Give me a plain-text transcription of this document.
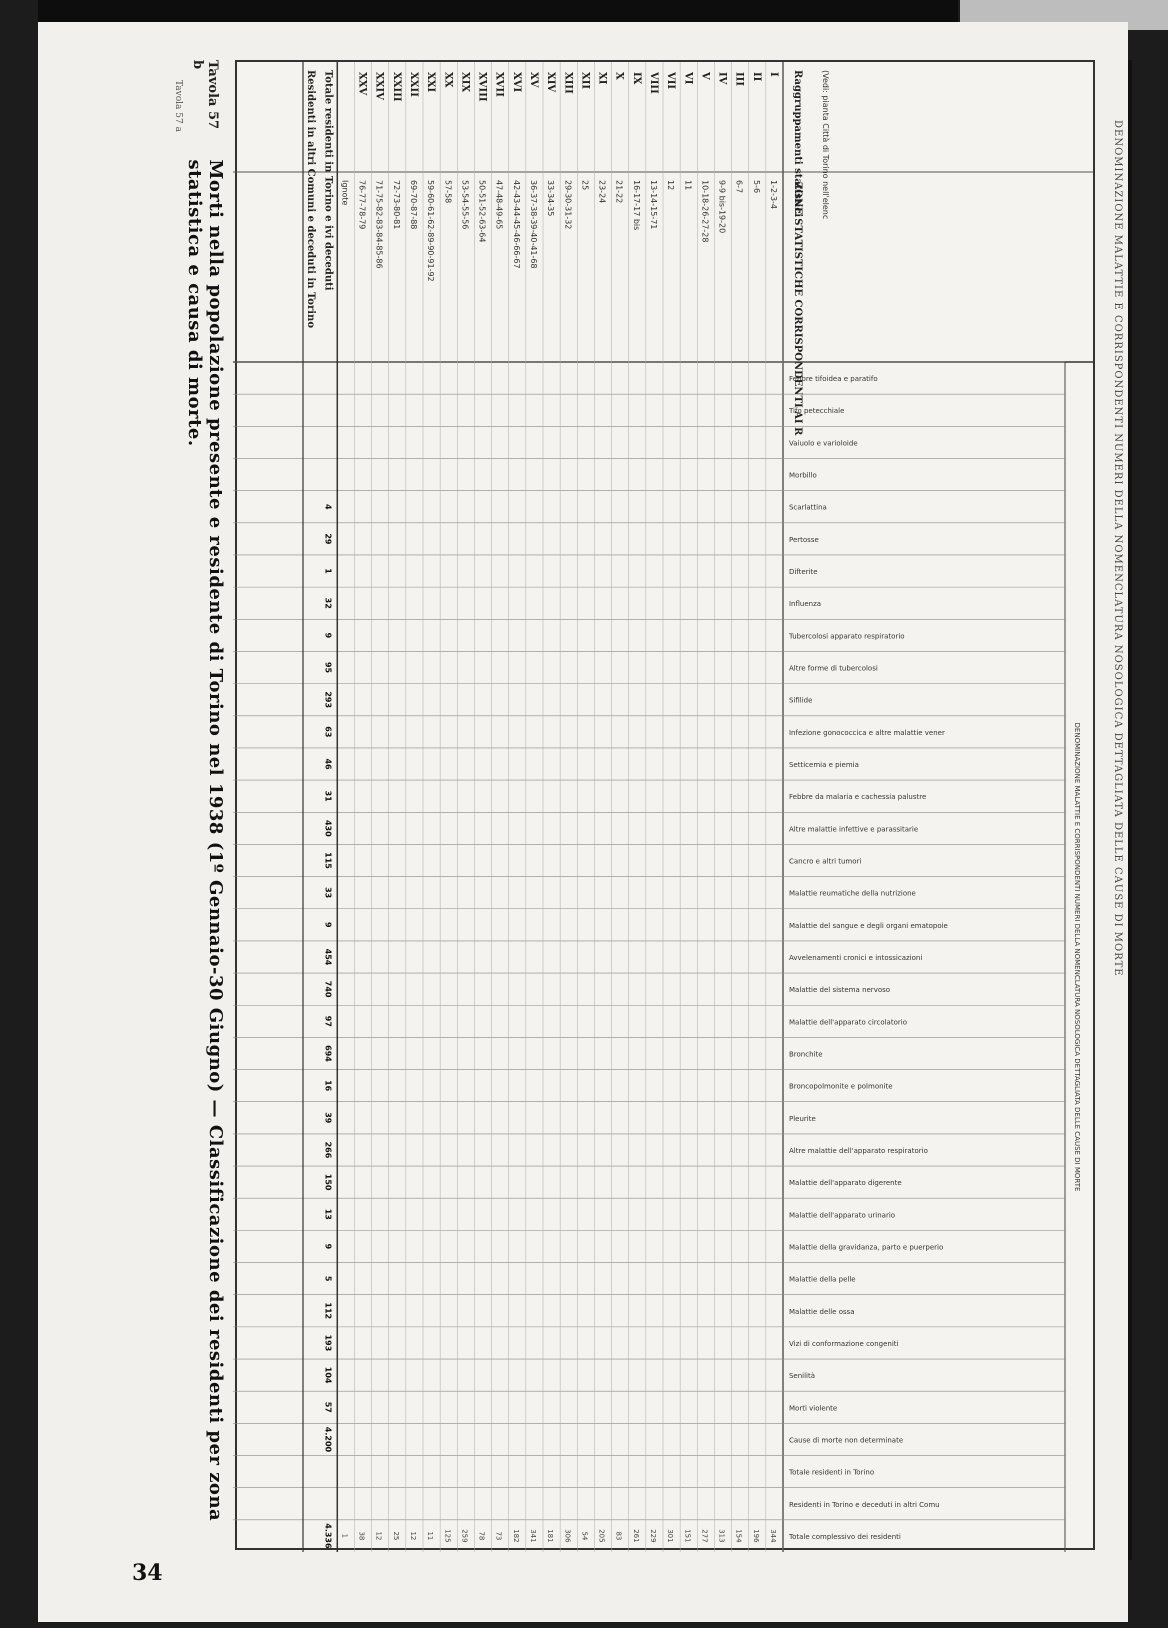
DENOMINAZIONE MALATTIE E CORRISPONDENTI NUMERI DELLA NOMENCLATURA NOSOLOGICA DETTAGLIATA DELLE CAUSE DI MORTE
DENOMINAZIONE MALATTIE E CORRISPONDENTI NUMERI DELLA NOMENCLATURA NOSOLOGICA DETTAGLIATA DELLE CAUSE DI MORTE
(Vedi: pianta Città di Torino nell'elenc
Raggruppamenti statistici
ZONE STATISTICHE CORRISPONDENTI AI R
Febbre tifoidea e paratifo
Tifo petecchiale
Vaiuolo e varioloide
Morbillo
Scarlattina
Pertosse
Difterite
Influenza
Tubercolosi apparato respiratorio
Altre forme di tubercolosi
Sifilide
Infezione gonococcica e altre malattie vener
Setticemia e piemia
Febbre da malaria e cachessia palustre
Altre malattie infettive e parassitarie
Cancro e altri tumori
Malattie reumatiche della nutrizione
Malattie del sangue e degli organi ematopoie
Avvelenamenti cronici e intossicazioni
Malattie del sistema nervoso
Malattie dell'apparato circolatorio
Bronchite
Broncopolmonite e polmonite
Pleurite
Altre malattie dell'apparato respiratorio
Malattie dell'apparato digerente
Malattie dell'apparato urinario
Malattie della gravidanza, parto e puerperio
Malattie della pelle
Malattie delle ossa
Vizi di conformazione congeniti
Senilità
Morti violente
Cause di morte non determinate
Totale residenti in Torino
Residenti in Torino e deceduti in altri Comu
Totale complessivo dei residenti
I
1-2-3-4
344
II
5-6
196
III
6-7
154
IV
9-9 bis-19-20
313
V
10-18-26-27-28
277
VI
11
151
VII
12
301
VIII
13-14-15-71
229
IX
16-17-17 bis
261
X
21-22
83
XI
23-24
205
XII
25
54
XIII
29-30-31-32
306
XIV
33-34-35
181
XV
36-37-38-39-40-41-68
341
XVI
42-43-44-45-46-66-67
182
XVII
47-48-49-65
73
XVIII
50-51-52-63-64
78
XIX
53-54-55-56
259
XX
57-58
125
XXI
59-60-61-62-89-90-91-92
11
XXII
69-70-87-88
12
XXIII
72-73-80-81
25
XXIV
71-75-82-83-84-85-86
12
XXV
76-77-78-79
38
Ignote
1
Totale residenti in Torino e ivi deceduti
Residenti in altri Comuni e deceduti in Torino
4
29
1
32
9
95
293
63
46
31
430
115
33
9
454
740
97
694
16
39
266
150
13
9
5
112
193
104
57
4.200
4.336
Tavola 57 b
Morti nella popolazione presente e residente di Torino nel 1938 (1º Gennaio-30 Giugno) — Classificazione dei residenti per zona statistica e causa di morte.
Tavola 57 a
34
